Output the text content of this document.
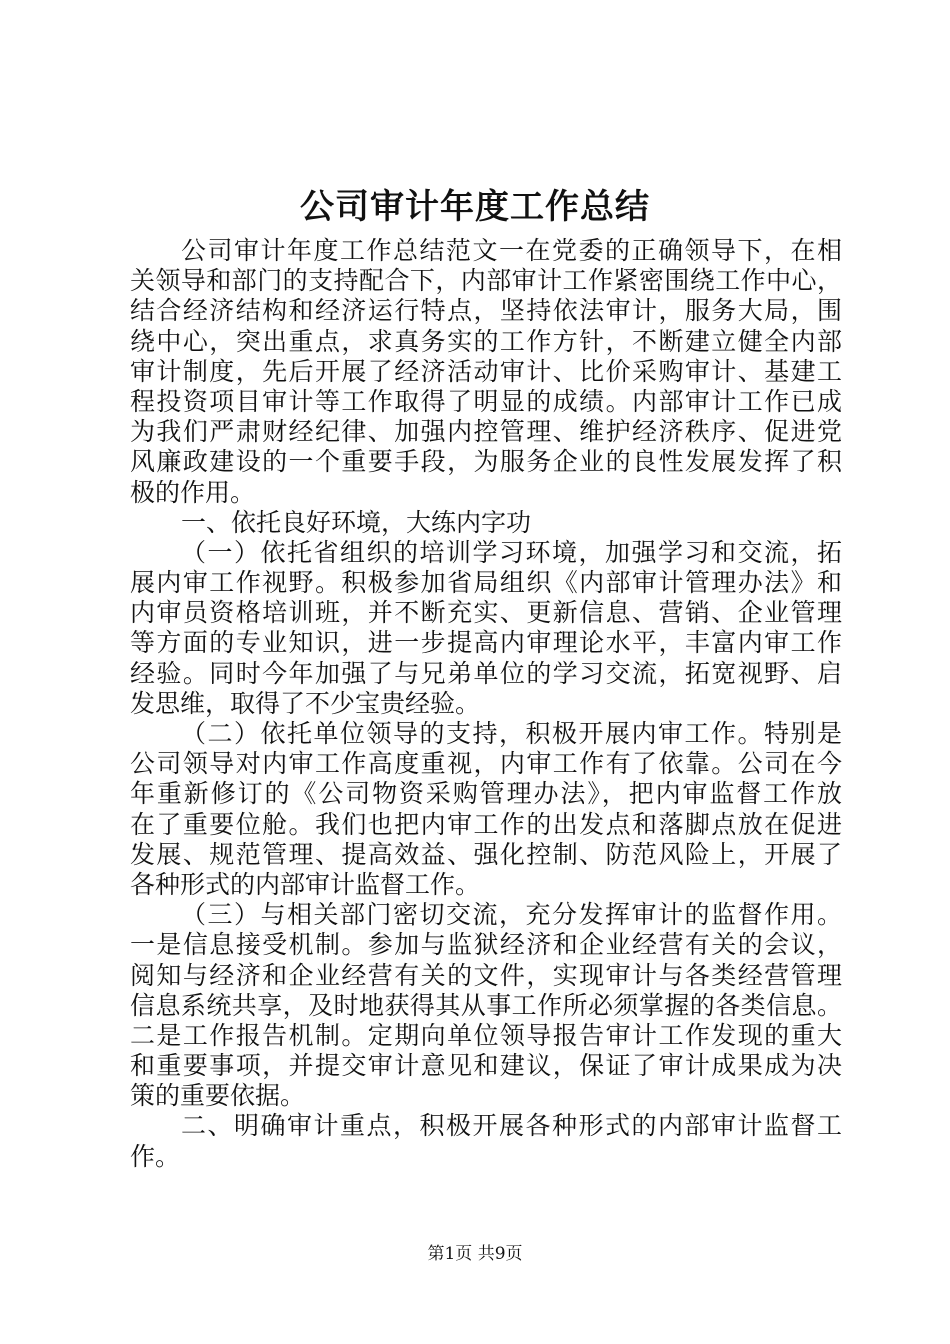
公司审计年度工作总结
公司审计年度工作总结范文一在党委的正确领导下，在相
关领导和部门的支持配合下，内部审计工作紧密围绕工作中心，
结合经济结构和经济运行特点，坚持依法审计，服务大局，围
绕中心，突出重点，求真务实的工作方针，不断建立健全内部
审计制度，先后开展了经济活动审计、比价采购审计、基建工
程投资项目审计等工作取得了明显的成绩。内部审计工作已成
为我们严肃财经纪律、加强内控管理、维护经济秩序、促进党
风廉政建设的一个重要手段，为服务企业的良性发展发挥了积
极的作用。
一、依托良好环境，大练内字功
（一）依托省组织的培训学习环境，加强学习和交流，拓
展内审工作视野。积极参加省局组织《内部审计管理办法》和
内审员资格培训班，并不断充实、更新信息、营销、企业管理
等方面的专业知识，进一步提高内审理论水平，丰富内审工作
经验。同时今年加强了与兄弟单位的学习交流，拓宽视野、启
发思维，取得了不少宝贵经验。
（二）依托单位领导的支持，积极开展内审工作。特别是
公司领导对内审工作高度重视，内审工作有了依靠。公司在今
年重新修订的《公司物资采购管理办法》，把内审监督工作放
在了重要位舱。我们也把内审工作的出发点和落脚点放在促进
发展、规范管理、提高效益、强化控制、防范风险上，开展了
各种形式的内部审计监督工作。
（三）与相关部门密切交流，充分发挥审计的监督作用。
一是信息接受机制。参加与监狱经济和企业经营有关的会议，
阅知与经济和企业经营有关的文件，实现审计与各类经营管理
信息系统共享，及时地获得其从事工作所必须掌握的各类信息。
二是工作报告机制。定期向单位领导报告审计工作发现的重大
和重要事项，并提交审计意见和建议，保证了审计成果成为决
策的重要依据。
二、明确审计重点，积极开展各种形式的内部审计监督工
作。
第1页 共9页
